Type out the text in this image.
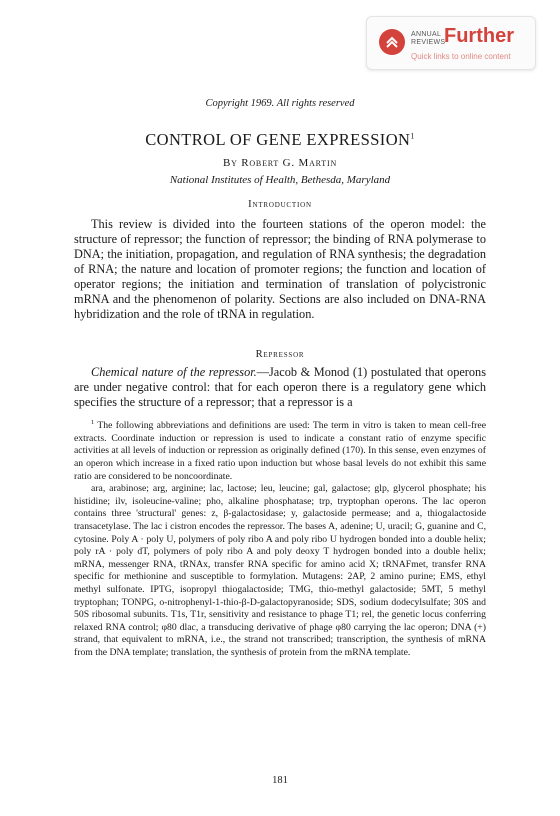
ANNUAL
REVIEWS
Further
Quick links to online content
Copyright 1969. All rights reserved
CONTROL OF GENE EXPRESSION$^1$
By Robert G. Martin
National Institutes of Health, Bethesda, Maryland
Introduction

This review is divided into the fourteen stations of the operon model: the structure of repressor; the function of repressor; the binding of RNA polymerase to DNA; the initiation, propagation, and regulation of RNA synthesis; the degradation of RNA; the nature and location of promoter regions; the function and location of operator regions; the initiation and termination of translation of polycistronic mRNA and the phenomenon of polarity. Sections are also included on DNA-RNA hybridization and the role of tRNA in regulation.

Repressor

Chemical nature of the repressor.—Jacob & Monod (1) postulated that operons are under negative control: that for each operon there is a regulatory gene which specifies the structure of a repressor; that a repressor is a

$^1$ The following abbreviations and definitions are used: The term in vitro is taken to mean cell-free extracts. Coordinate induction or repression is used to indicate a constant ratio of enzyme specific activities at all levels of induction or repression as originally defined (170). In this sense, even enzymes of an operon which increase in a fixed ratio upon induction but whose basal levels do not exhibit this same ratio are considered to be noncoordinate.

ara, arabinose; arg, arginine; lac, lactose; leu, leucine; gal, galactose; glp, glycerol phosphate; his histidine; ilv, isoleucine-valine; pho, alkaline phosphatase; trp, tryptophan operons. The lac operon contains three 'structural' genes: z, β-galactosidase; y, galactoside permease; and a, thiogalactoside transacetylase. The lac i cistron encodes the repressor. The bases A, adenine; U, uracil; G, guanine and C, cytosine. Poly A · poly U, polymers of poly ribo A and poly ribo U hydrogen bonded into a double helix; poly rA · poly dT, polymers of poly ribo A and poly deoxy T hydrogen bonded into a double helix; mRNA, messenger RNA, tRNAx, transfer RNA specific for amino acid X; tRNAFmet, transfer RNA specific for methionine and susceptible to formylation. Mutagens: 2AP, 2 amino purine; EMS, ethyl methyl sulfonate. IPTG, isopropyl thiogalactoside; TMG, thio-methyl galactoside; 5MT, 5 methyl tryptophan; TONPG, o-nitrophenyl-1-thio-β-D-galactopyranoside; SDS, sodium dodecylsulfate; 30S and 50S ribosomal subunits. T1s, T1r, sensitivity and resistance to phage T1; rel, the genetic locus conferring relaxed RNA control; φ80 dlac, a transducing derivative of phage φ80 carrying the lac operon; DNA (+) strand, that equivalent to mRNA, i.e., the strand not transcribed; transcription, the synthesis of mRNA from the DNA template; translation, the synthesis of protein from the mRNA template.

181
